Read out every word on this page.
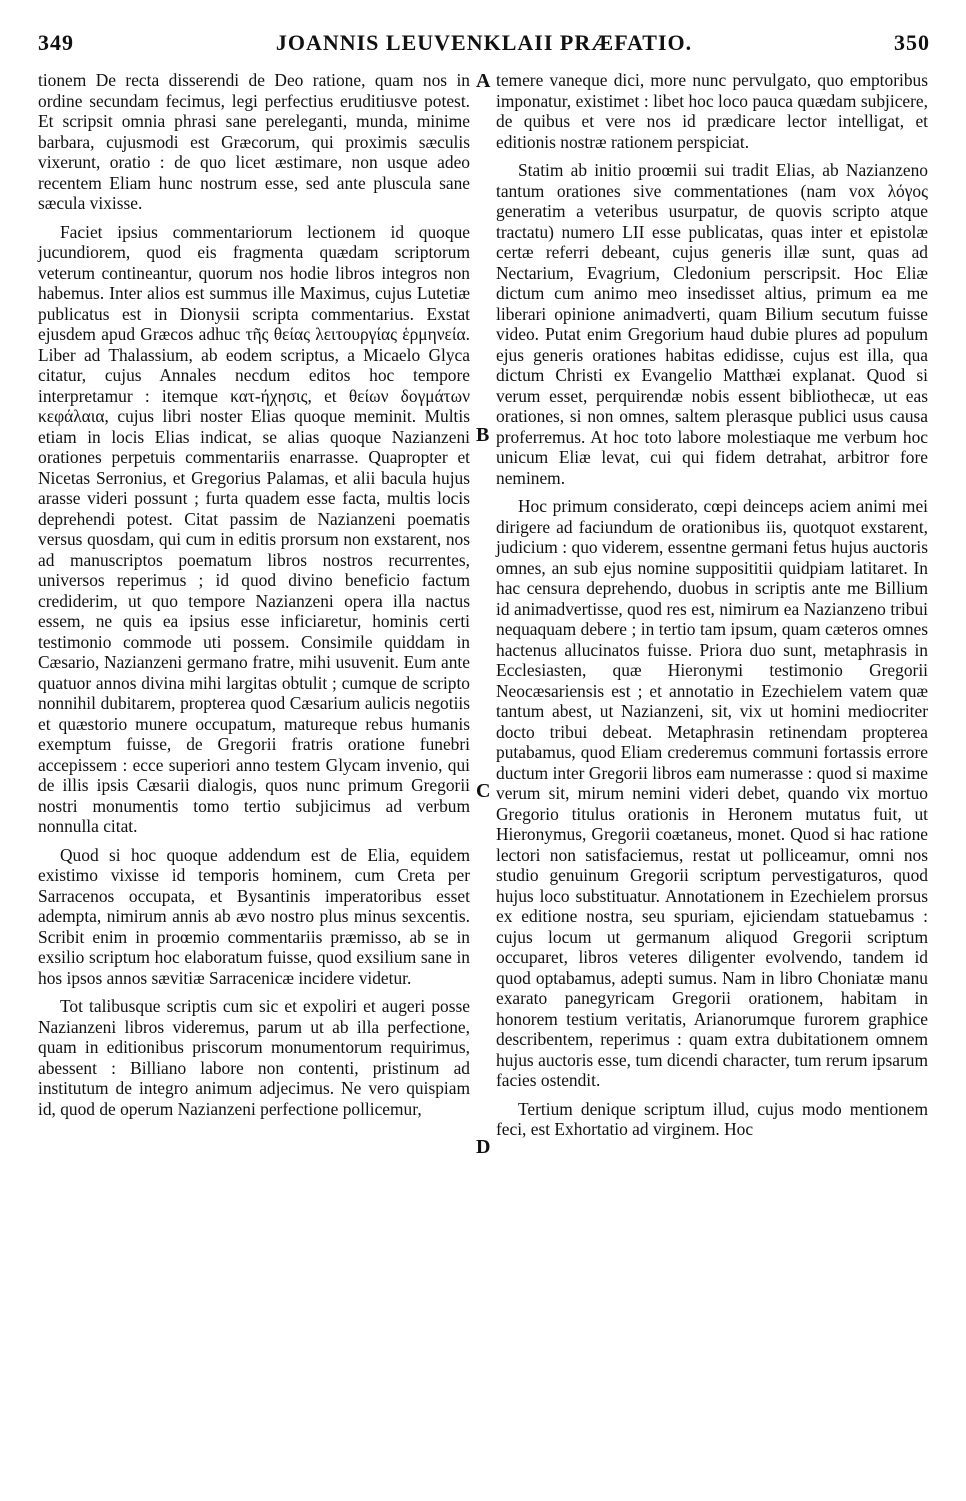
349	JOANNIS LEUVENKLAII PRÆFATIO.	350

tionem De recta disserendi de Deo ratione, quam nos in ordine secundam fecimus, legi perfectius eruditiusve potest. Et scripsit omnia phrasi sane pereleganti, munda, minime barbara, cujusmodi est Græcorum, qui proximis sæculis vixerunt, oratio : de quo licet æstimare, non usque adeo recentem Eliam hunc nostrum esse, sed ante pluscula sane sæcula vixisse.

Faciet ipsius commentariorum lectionem id quoque jucundiorem, quod eis fragmenta quædam scriptorum veterum contineantur, quorum nos hodie libros integros non habemus. Inter alios est summus ille Maximus, cujus Lutetiæ publicatus est in Dionysii scripta commentarius. Exstat ejusdem apud Græcos adhuc τῆς θείας λειτουργίας ἑρμηνεία. Liber ad Thalassium, ab eodem scriptus, a Micaelo Glyca citatur, cujus Annales necdum editos hoc tempore interpretamur : itemque κατ-ήχησις, et θείων δογμάτων κεφάλαια, cujus libri noster Elias quoque meminit. Multis etiam in locis Elias indicat, se alias quoque Nazianzeni orationes perpetuis commentariis enarrasse. Quapropter et Nicetas Serronius, et Gregorius Palamas, et alii bacula hujus arasse videri possunt ; furta quadem esse facta, multis locis deprehendi potest. Citat passim de Nazianzeni poematis versus quosdam, qui cum in editis prorsum non exstarent, nos ad manuscriptos poematum libros nostros recurrentes, universos reperimus ; id quod divino beneficio factum crediderim, ut quo tempore Nazianzeni opera illa nactus essem, ne quis ea ipsius esse inficiaretur, hominis certi testimonio commode uti possem. Consimile quiddam in Cæsario, Nazianzeni germano fratre, mihi usuvenit. Eum ante quatuor annos divina mihi largitas obtulit ; cumque de scripto nonnihil dubitarem, propterea quod Cæsarium aulicis negotiis et quæstorio munere occupatum, matureque rebus humanis exemptum fuisse, de Gregorii fratris oratione funebri accepissem : ecce superiori anno testem Glycam invenio, qui de illis ipsis Cæsarii dialogis, quos nunc primum Gregorii nostri monumentis tomo tertio subjicimus ad verbum nonnulla citat.

Quod si hoc quoque addendum est de Elia, equidem existimo vixisse id temporis hominem, cum Creta per Sarracenos occupata, et Bysantinis imperatoribus esset adempta, nimirum annis ab ævo nostro plus minus sexcentis. Scribit enim in proœmio commentariis præmisso, ab se in exsilio scriptum hoc elaboratum fuisse, quod exsilium sane in hos ipsos annos sævitiæ Sarracenicæ incidere videtur.

Tot talibusque scriptis cum sic et expoliri et augeri posse Nazianzeni libros videremus, parum ut ab illa perfectione, quam in editionibus priscorum monumentorum requirimus, abessent : Billiano labore non contenti, pristinum ad institutum de integro animum adjecimus. Ne vero quispiam id, quod de operum Nazianzeni perfectione pollicemur,

A
B
C
D

temere vaneque dici, more nunc pervulgato, quo emptoribus imponatur, existimet : libet hoc loco pauca quædam subjicere, de quibus et vere nos id prædicare lector intelligat, et editionis nostræ rationem perspiciat.

Statim ab initio proœmii sui tradit Elias, ab Nazianzeno tantum orationes sive commentationes (nam vox λόγος generatim a veteribus usurpatur, de quovis scripto atque tractatu) numero LII esse publicatas, quas inter et epistolæ certæ referri debeant, cujus generis illæ sunt, quas ad Nectarium, Evagrium, Cledonium perscripsit. Hoc Eliæ dictum cum animo meo insedisset altius, primum ea me liberari opinione animadverti, quam Bilium secutum fuisse video. Putat enim Gregorium haud dubie plures ad populum ejus generis orationes habitas edidisse, cujus est illa, qua dictum Christi ex Evangelio Matthæi explanat. Quod si verum esset, perquirendæ nobis essent bibliothecæ, ut eas orationes, si non omnes, saltem plerasque publici usus causa proferremus. At hoc toto labore molestiaque me verbum hoc unicum Eliæ levat, cui qui fidem detrahat, arbitror fore neminem.

Hoc primum considerato, cœpi deinceps aciem animi mei dirigere ad faciundum de orationibus iis, quotquot exstarent, judicium : quo viderem, essentne germani fetus hujus auctoris omnes, an sub ejus nomine supposititii quidpiam latitaret. In hac censura deprehendo, duobus in scriptis ante me Billium id animadvertisse, quod res est, nimirum ea Nazianzeno tribui nequaquam debere ; in tertio tam ipsum, quam cæteros omnes hactenus allucinatos fuisse. Priora duo sunt, metaphrasis in Ecclesiasten, quæ Hieronymi testimonio Gregorii Neocæsariensis est ; et annotatio in Ezechielem vatem quæ tantum abest, ut Nazianzeni, sit, vix ut homini mediocriter docto tribui debeat. Metaphrasin retinendam propterea putabamus, quod Eliam crederemus communi fortassis errore ductum inter Gregorii libros eam numerasse : quod si maxime verum sit, mirum nemini videri debet, quando vix mortuo Gregorio titulus orationis in Heronem mutatus fuit, ut Hieronymus, Gregorii coætaneus, monet. Quod si hac ratione lectori non satisfaciemus, restat ut polliceamur, omni nos studio genuinum Gregorii scriptum pervestigaturos, quod hujus loco substituatur. Annotationem in Ezechielem prorsus ex editione nostra, seu spuriam, ejiciendam statuebamus : cujus locum ut germanum aliquod Gregorii scriptum occuparet, libros veteres diligenter evolvendo, tandem id quod optabamus, adepti sumus. Nam in libro Choniatæ manu exarato panegyricam Gregorii orationem, habitam in honorem testium veritatis, Arianorumque furorem graphice describentem, reperimus : quam extra dubitationem omnem hujus auctoris esse, tum dicendi character, tum rerum ipsarum facies ostendit.

Tertium denique scriptum illud, cujus modo mentionem feci, est Exhortatio ad virginem. Hoc
